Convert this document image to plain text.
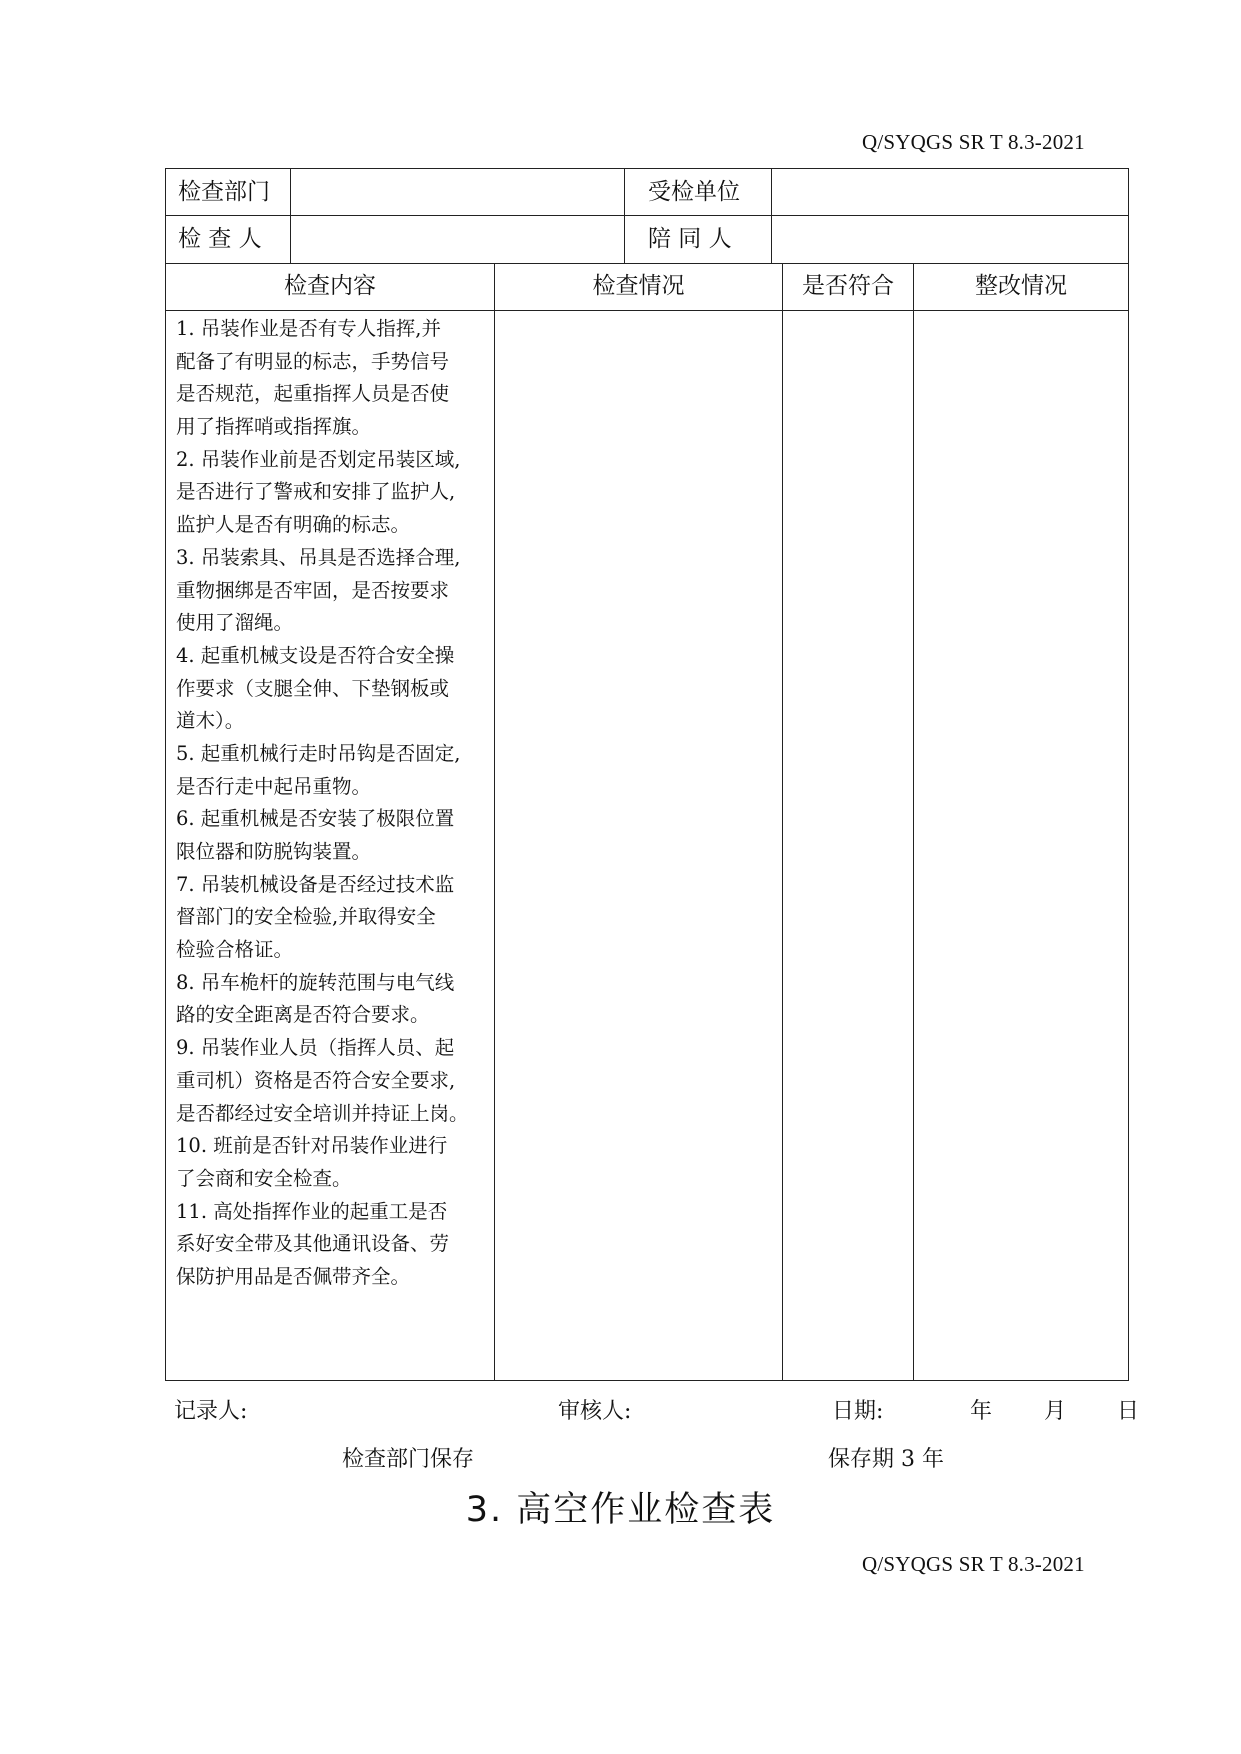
Q/SYQGS SR T 8.3-2021
检查部门	受检单位
检 查 人	陪 同 人
检查内容	检查情况	是否符合	整改情况
1. 吊装作业是否有专人指挥,并
配备了有明显的标志，手势信号
是否规范，起重指挥人员是否使
用了指挥哨或指挥旗。
2. 吊装作业前是否划定吊装区域,
是否进行了警戒和安排了监护人,
监护人是否有明确的标志。
3. 吊装索具、吊具是否选择合理,
重物捆绑是否牢固，是否按要求
使用了溜绳。
4. 起重机械支设是否符合安全操
作要求（支腿全伸、下垫钢板或
道木）。
5. 起重机械行走时吊钩是否固定,
是否行走中起吊重物。
6. 起重机械是否安装了极限位置
限位器和防脱钩装置。
7. 吊装机械设备是否经过技术监
督部门的安全检验,并取得安全
检验合格证。
8. 吊车桅杆的旋转范围与电气线
路的安全距离是否符合要求。
9. 吊装作业人员（指挥人员、起
重司机）资格是否符合安全要求,
是否都经过安全培训并持证上岗。
10. 班前是否针对吊装作业进行
了会商和安全检查。
11. 高处指挥作业的起重工是否
系好安全带及其他通讯设备、劳
保防护用品是否佩带齐全。
记录人:	审核人:	日期:	年 月 日
检查部门保存	保存期 3 年
3. 高空作业检查表
Q/SYQGS SR T 8.3-2021
